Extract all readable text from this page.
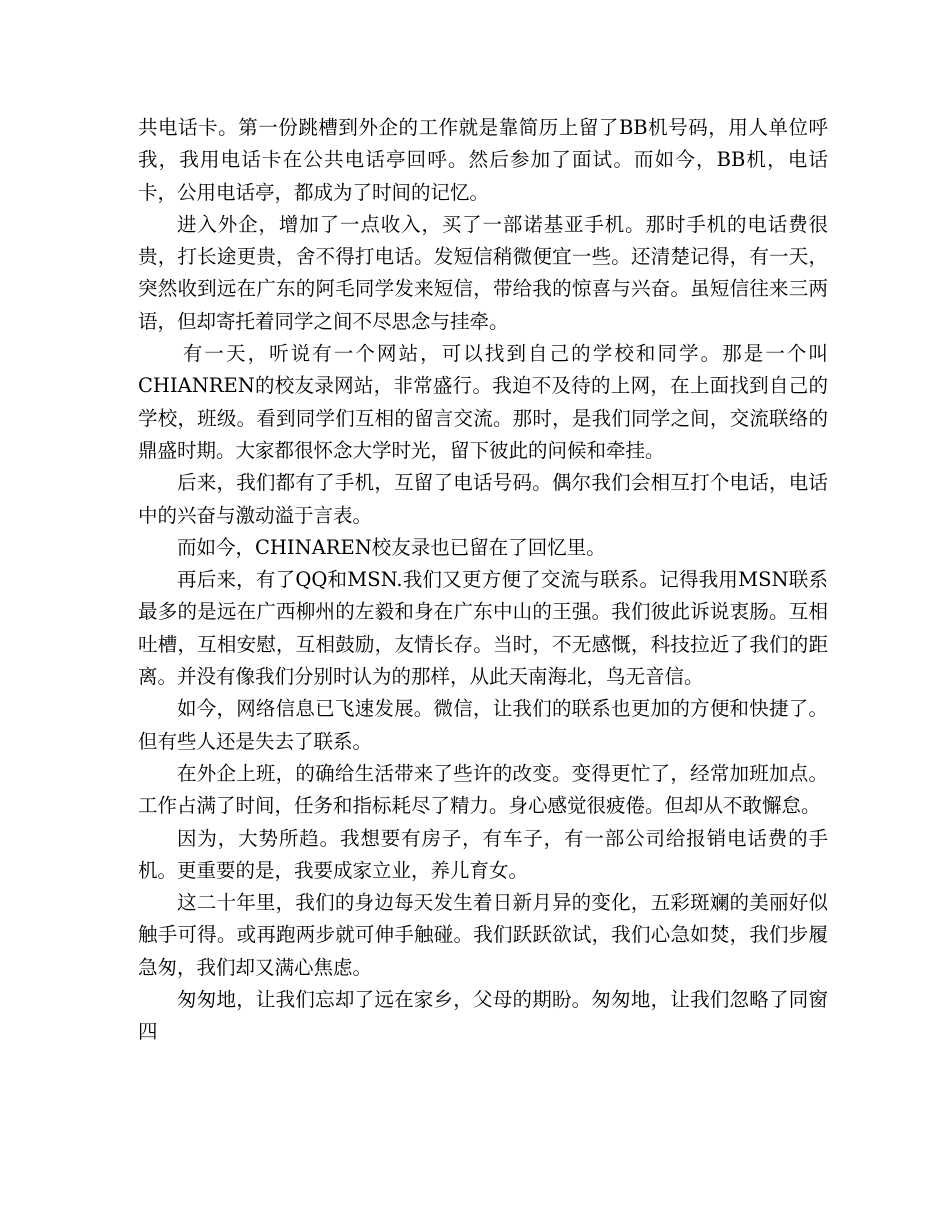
共电话卡。第一份跳槽到外企的工作就是靠简历上留了BB机号码，用人单位呼我，我用电话卡在公共电话亭回呼。然后参加了面试。而如今，BB机，电话卡，公用电话亭，都成为了时间的记忆。

进入外企，增加了一点收入，买了一部诺基亚手机。那时手机的电话费很贵，打长途更贵，舍不得打电话。发短信稍微便宜一些。还清楚记得，有一天，突然收到远在广东的阿毛同学发来短信，带给我的惊喜与兴奋。虽短信往来三两语，但却寄托着同学之间不尽思念与挂牵。

有一天，听说有一个网站，可以找到自己的学校和同学。那是一个叫CHIANREN的校友录网站，非常盛行。我迫不及待的上网，在上面找到自己的学校，班级。看到同学们互相的留言交流。那时，是我们同学之间，交流联络的鼎盛时期。大家都很怀念大学时光，留下彼此的问候和牵挂。

后来，我们都有了手机，互留了电话号码。偶尔我们会相互打个电话，电话中的兴奋与激动溢于言表。

而如今，CHINAREN校友录也已留在了回忆里。

再后来，有了QQ和MSN.我们又更方便了交流与联系。记得我用MSN联系最多的是远在广西柳州的左毅和身在广东中山的王强。我们彼此诉说衷肠。互相吐槽，互相安慰，互相鼓励，友情长存。当时，不无感慨，科技拉近了我们的距离。并没有像我们分别时认为的那样，从此天南海北，鸟无音信。

如今，网络信息已飞速发展。微信，让我们的联系也更加的方便和快捷了。但有些人还是失去了联系。

在外企上班，的确给生活带来了些许的改变。变得更忙了，经常加班加点。工作占满了时间，任务和指标耗尽了精力。身心感觉很疲倦。但却从不敢懈怠。

因为，大势所趋。我想要有房子，有车子，有一部公司给报销电话费的手机。更重要的是，我要成家立业，养儿育女。

这二十年里，我们的身边每天发生着日新月异的变化，五彩斑斓的美丽好似触手可得。或再跑两步就可伸手触碰。我们跃跃欲试，我们心急如焚，我们步履急匆，我们却又满心焦虑。

匆匆地，让我们忘却了远在家乡，父母的期盼。匆匆地，让我们忽略了同窗四
